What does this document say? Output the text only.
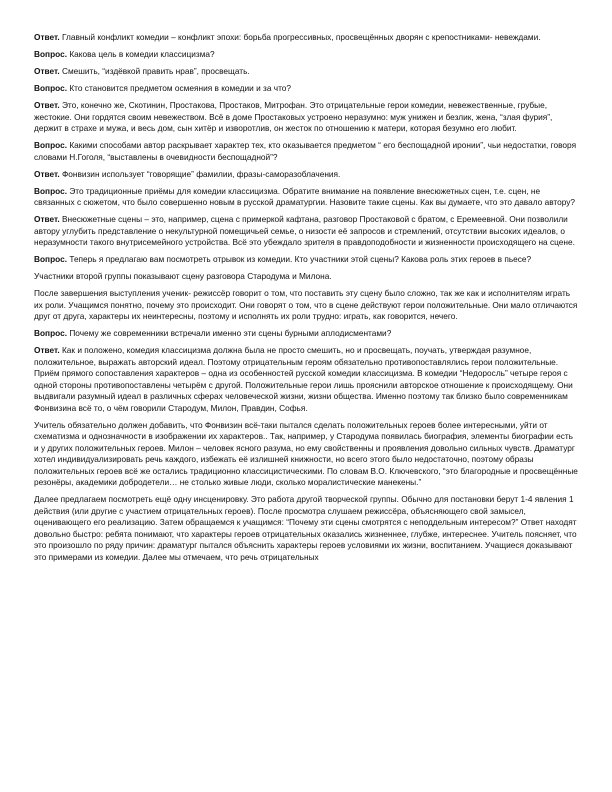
Ответ. Главный конфликт комедии – конфликт эпохи: борьба прогрессивных, просвещённых дворян с крепостниками- невеждами.

Вопрос. Какова цель в комедии классицизма?

Ответ. Смешить, “издёвкой править нрав”, просвещать.

Вопрос. Кто становится предметом осмеяния в комедии и за что?

Ответ. Это, конечно же, Скотинин, Простакова, Простаков, Митрофан. Это отрицательные герои комедии, невежественные, грубые, жестокие. Они гордятся своим невежеством. Всё в доме Простаковых устроено неразумно: муж унижен и безлик, жена, “злая фурия”, держит в страхе и мужа, и весь дом, сын хитёр и изворотлив, он жесток по отношению к матери, которая безумно его любит.

Вопрос. Какими способами автор раскрывает характер тех, кто оказывается предметом “ его беспощадной иронии”, чьи недостатки, говоря словами Н.Гоголя, “выставлены в очевидности беспощадной”?

Ответ. Фонвизин использует “говорящие” фамилии, фразы-саморазоблачения.

Вопрос. Это традиционные приёмы для комедии классицизма. Обратите внимание на появление внесюжетных сцен, т.е. сцен, не связанных с сюжетом, что было совершенно новым в русской драматургии. Назовите такие сцены. Как вы думаете, что это давало автору?

Ответ. Внесюжетные сцены – это, например, сцена с примеркой кафтана, разговор Простаковой с братом, с Еремеевной. Они позволили автору углубить представление о некультурной помещичьей семье, о низости её запросов и стремлений, отсутствии высоких идеалов, о неразумности такого внутрисемейного устройства. Всё это убеждало зрителя в правдоподобности и жизненности происходящего на сцене.

Вопрос. Теперь я предлагаю вам посмотреть отрывок из комедии. Кто участники этой сцены? Какова роль этих героев в пьесе?

Участники второй группы показывают сцену разговора Стародума и Милона.

После завершения выступления ученик- режиссёр говорит о том, что поставить эту сцену было сложно, так же как и исполнителям играть их роли. Учащимся понятно, почему это происходит. Они говорят о том, что в сцене действуют герои положительные. Они мало отличаются друг от друга, характеры их неинтересны, поэтому и исполнять их роли трудно: играть, как говорится, нечего.

Вопрос. Почему же современники встречали именно эти сцены бурными аплодисментами?

Ответ. Как и положено, комедия классицизма должна была не просто смешить, но и просвещать, поучать, утверждая разумное, положительное, выражать авторский идеал. Поэтому отрицательным героям обязательно противопоставлялись герои положительные. Приём прямого сопоставления характеров – одна из особенностей русской комедии классицизма. В комедии “Недоросль” четыре героя с одной стороны противопоставлены четырём с другой. Положительные герои лишь прояснили авторское отношение к происходящему. Они выдвигали разумный идеал в различных сферах человеческой жизни, жизни общества. Именно поэтому так близко было современникам Фонвизина всё то, о чём говорили Стародум, Милон, Правдин, Софья.

Учитель обязательно должен добавить, что Фонвизин всё-таки пытался сделать положительных героев более интересными, уйти от схематизма и однозначности в изображении их характеров.. Так, например, у Стародума появилась биография, элементы биографии есть и у других положительных героев. Милон – человек ясного разума, но ему свойственны и проявления довольно сильных чувств. Драматург хотел индивидуализировать речь каждого, избежать её излишней книжности, но всего этого было недостаточно, поэтому образы положительных героев всё же остались традиционно классицистическими. По словам В.О. Ключевского, “это благородные и просвещённые резонёры, академики добродетели… не столько живые люди, сколько моралистические манекены.”

Далее предлагаем посмотреть ещё одну инсценировку. Это работа другой творческой группы. Обычно для постановки берут 1-4 явления 1 действия (или другие с участием отрицательных героев). После просмотра слушаем режиссёра, объясняющего свой замысел, оценивающего его реализацию. Затем обращаемся к учащимся: “Почему эти сцены смотрятся с неподдельным интересом?” Ответ находят довольно быстро: ребята понимают, что характеры героев отрицательных оказались жизненнее, глубже, интереснее. Учитель поясняет, что это произошло по ряду причин: драматург пытался объяснить характеры героев условиями их жизни, воспитанием. Учащиеся доказывают это примерами из комедии. Далее мы отмечаем, что речь отрицательных
